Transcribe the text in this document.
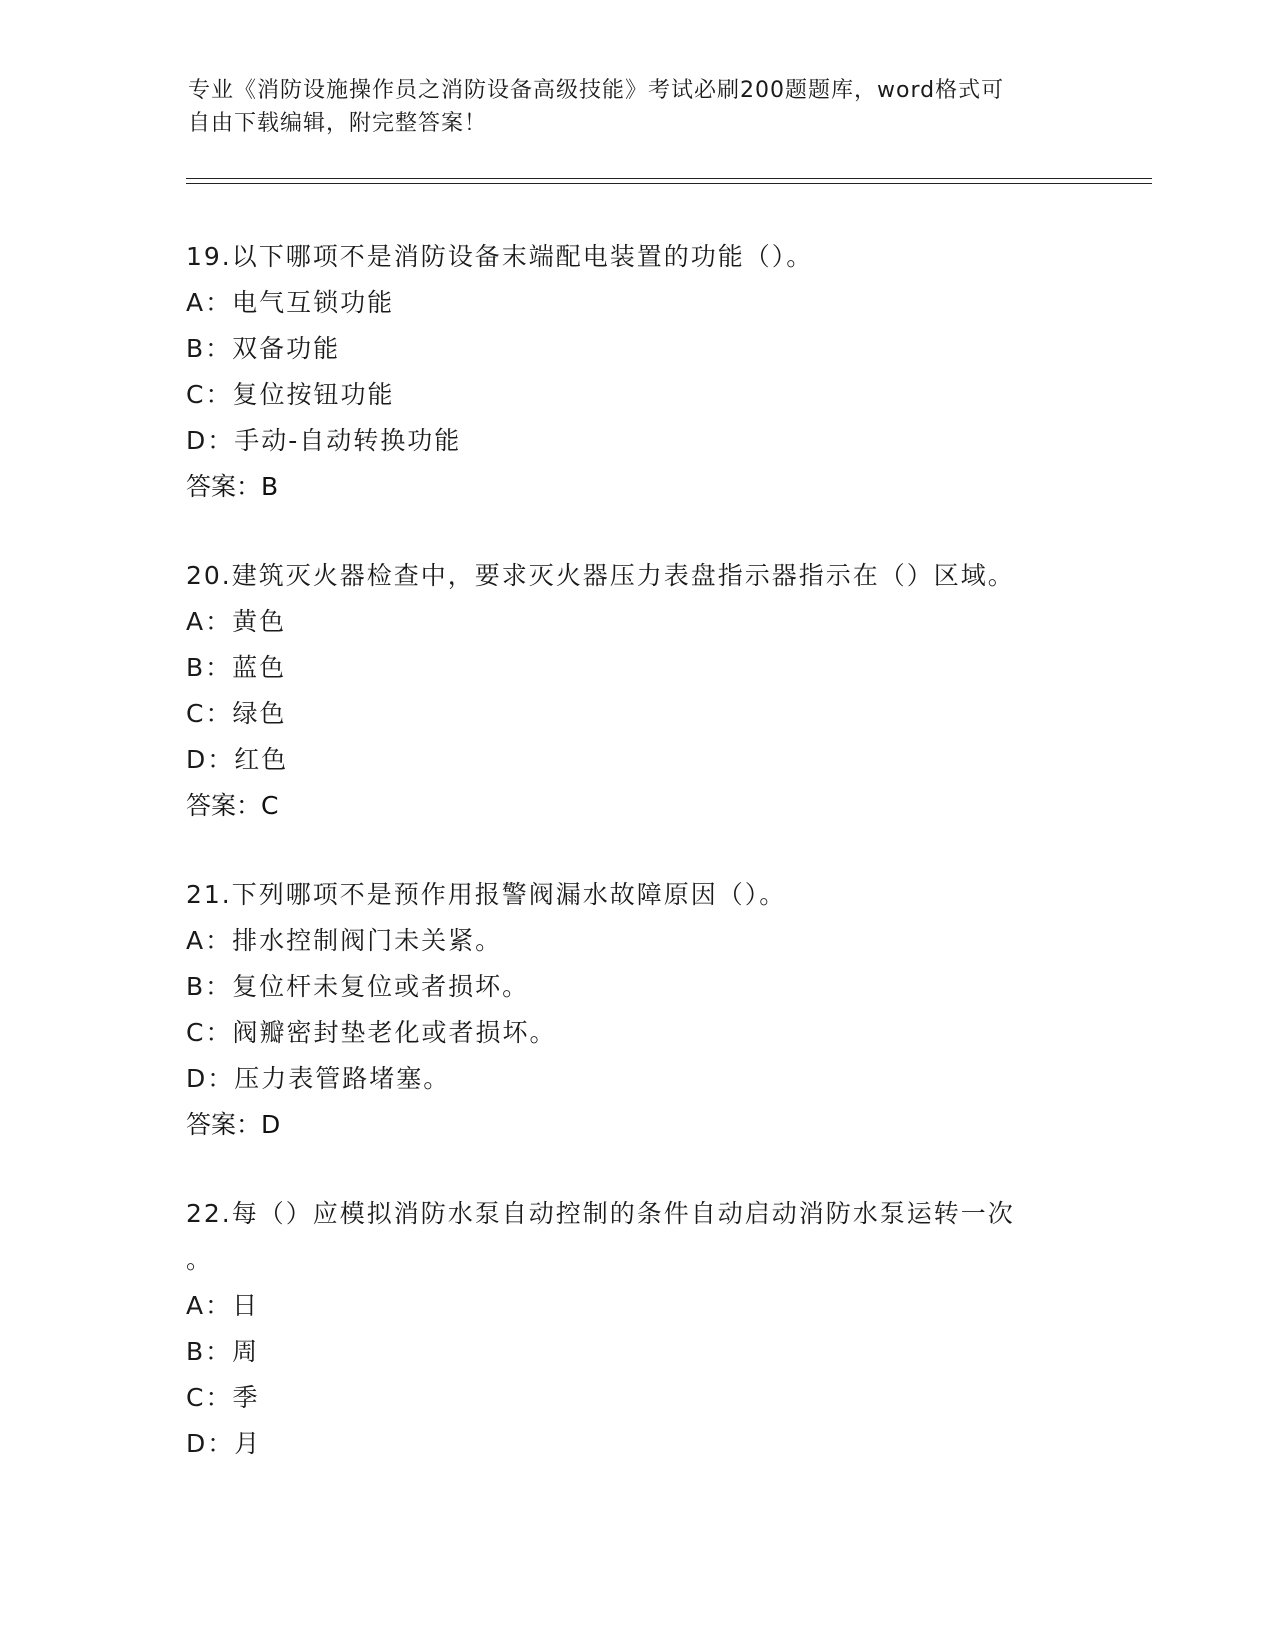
专业《消防设施操作员之消防设备高级技能》考试必刷200题题库，word格式可
自由下载编辑，附完整答案！
19.以下哪项不是消防设备末端配电装置的功能（）。
A：电气互锁功能
B：双备功能
C：复位按钮功能
D：手动-自动转换功能
答案：B
20.建筑灭火器检查中，要求灭火器压力表盘指示器指示在（）区域。
A：黄色
B：蓝色
C：绿色
D：红色
答案：C
21.下列哪项不是预作用报警阀漏水故障原因（）。
A：排水控制阀门未关紧。
B：复位杆未复位或者损坏。
C：阀瓣密封垫老化或者损坏。
D：压力表管路堵塞。
答案：D
22.每（）应模拟消防水泵自动控制的条件自动启动消防水泵运转一次
。
A：日
B：周
C：季
D：月
